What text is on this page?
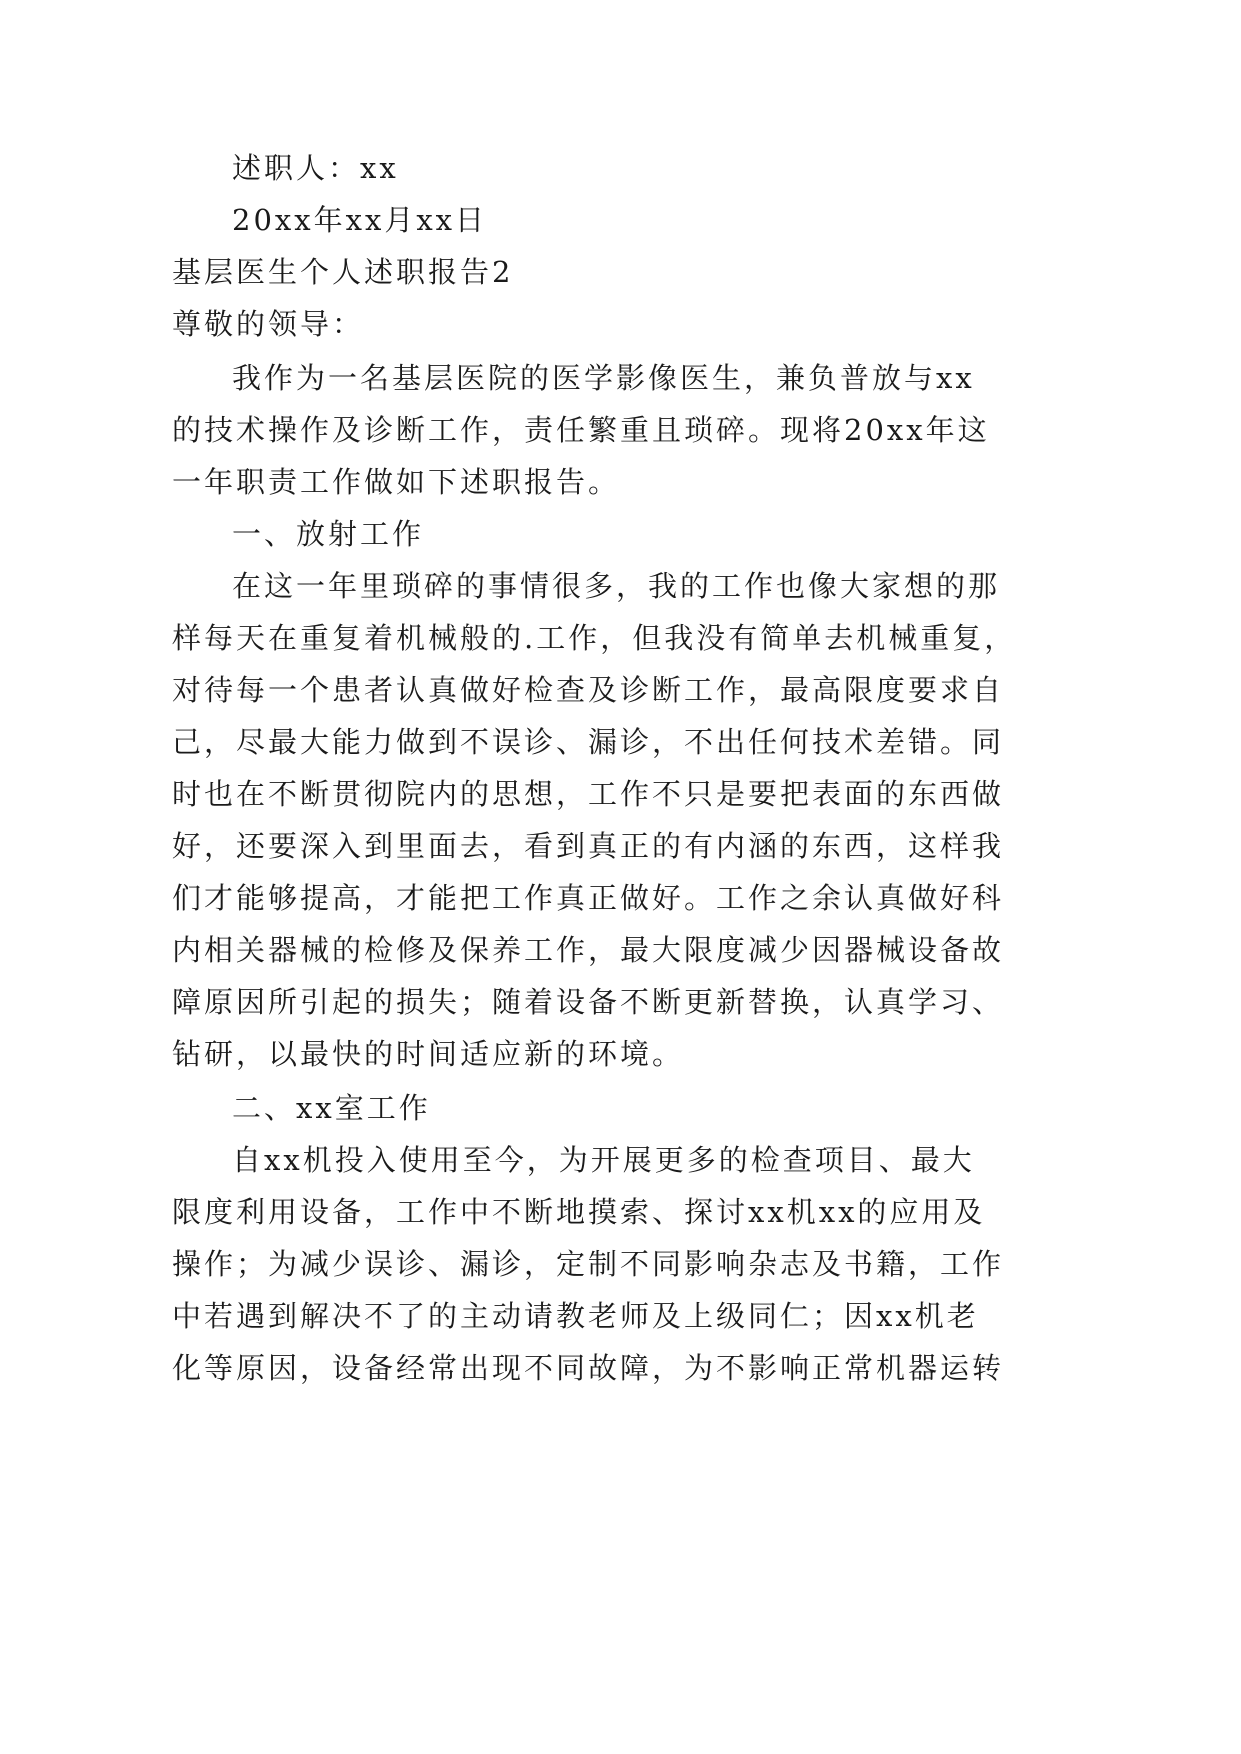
述职人：xx
20xx年xx月xx日
基层医生个人述职报告2
尊敬的领导：
我作为一名基层医院的医学影像医生，兼负普放与xx
的技术操作及诊断工作，责任繁重且琐碎。现将20xx年这
一年职责工作做如下述职报告。
一、放射工作
在这一年里琐碎的事情很多，我的工作也像大家想的那
样每天在重复着机械般的.工作，但我没有简单去机械重复，
对待每一个患者认真做好检查及诊断工作，最高限度要求自
己，尽最大能力做到不误诊、漏诊，不出任何技术差错。同
时也在不断贯彻院内的思想，工作不只是要把表面的东西做
好，还要深入到里面去，看到真正的有内涵的东西，这样我
们才能够提高，才能把工作真正做好。工作之余认真做好科
内相关器械的检修及保养工作，最大限度减少因器械设备故
障原因所引起的损失；随着设备不断更新替换，认真学习、
钻研，以最快的时间适应新的环境。
二、xx室工作
自xx机投入使用至今，为开展更多的检查项目、最大
限度利用设备，工作中不断地摸索、探讨xx机xx的应用及
操作；为减少误诊、漏诊，定制不同影响杂志及书籍，工作
中若遇到解决不了的主动请教老师及上级同仁；因xx机老
化等原因，设备经常出现不同故障，为不影响正常机器运转
